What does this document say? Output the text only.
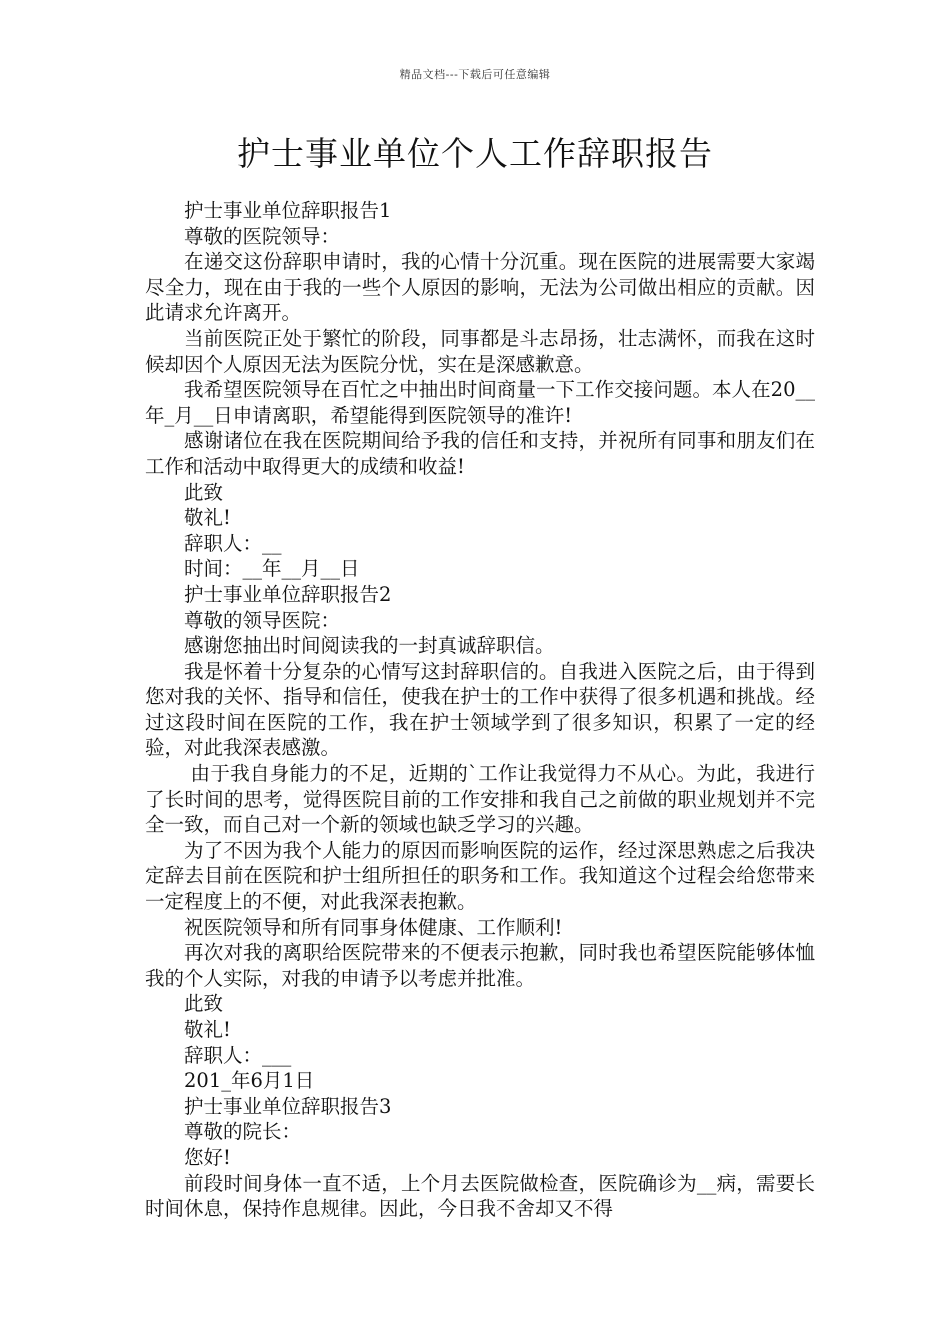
精品文档---下载后可任意编辑
护士事业单位个人工作辞职报告

护士事业单位辞职报告1

尊敬的医院领导：

在递交这份辞职申请时，我的心情十分沉重。现在医院的进展需要大家竭尽全力，现在由于我的一些个人原因的影响，无法为公司做出相应的贡献。因此请求允许离开。

当前医院正处于繁忙的阶段，同事都是斗志昂扬，壮志满怀，而我在这时候却因个人原因无法为医院分忧，实在是深感歉意。

我希望医院领导在百忙之中抽出时间商量一下工作交接问题。本人在20__年_月__日申请离职，希望能得到医院领导的准许!

感谢诸位在我在医院期间给予我的信任和支持，并祝所有同事和朋友们在工作和活动中取得更大的成绩和收益!

此致

敬礼!

辞职人：__

时间：__年__月__日

护士事业单位辞职报告2

尊敬的领导医院：

感谢您抽出时间阅读我的一封真诚辞职信。

我是怀着十分复杂的心情写这封辞职信的。自我进入医院之后，由于得到您对我的关怀、指导和信任，使我在护士的工作中获得了很多机遇和挑战。经过这段时间在医院的工作，我在护士领域学到了很多知识，积累了一定的经验，对此我深表感激。

由于我自身能力的不足，近期的`工作让我觉得力不从心。为此，我进行了长时间的思考，觉得医院目前的工作安排和我自己之前做的职业规划并不完全一致，而自己对一个新的领域也缺乏学习的兴趣。

为了不因为我个人能力的原因而影响医院的运作，经过深思熟虑之后我决定辞去目前在医院和护士组所担任的职务和工作。我知道这个过程会给您带来一定程度上的不便，对此我深表抱歉。

祝医院领导和所有同事身体健康、工作顺利!

再次对我的离职给医院带来的不便表示抱歉，同时我也希望医院能够体恤我的个人实际，对我的申请予以考虑并批准。

此致

敬礼!

辞职人：___

201_年6月1日

护士事业单位辞职报告3

尊敬的院长：

您好!

前段时间身体一直不适，上个月去医院做检查，医院确诊为__病，需要长时间休息，保持作息规律。因此，今日我不舍却又不得
